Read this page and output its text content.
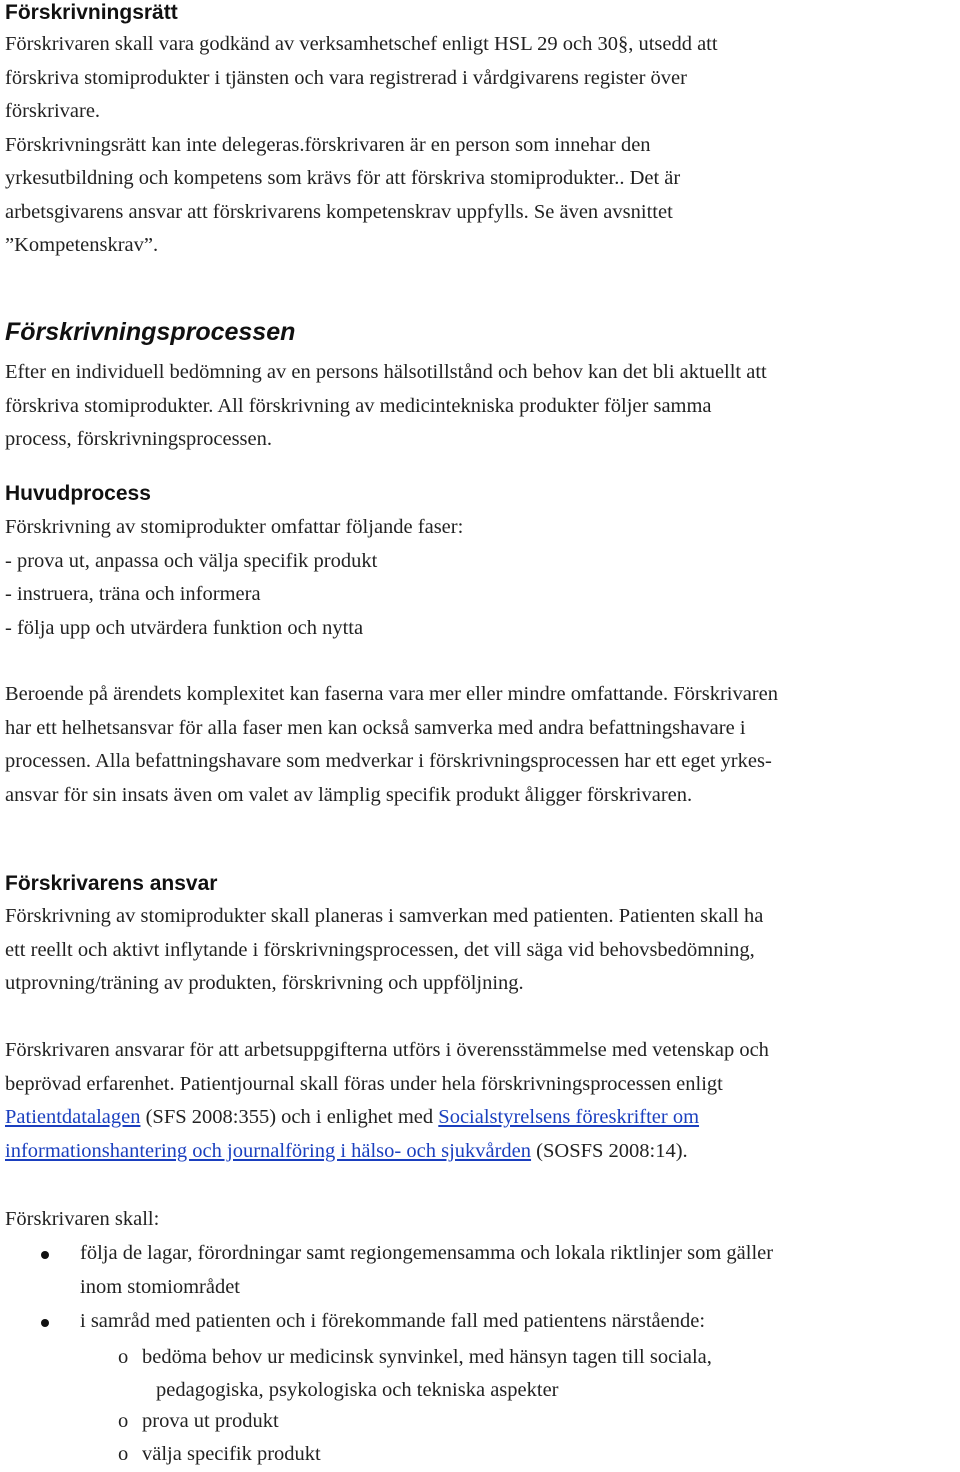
Förskrivningsrätt
Förskrivaren skall vara godkänd av verksamhetschef enligt HSL 29 och 30§, utsedd att
förskriva stomiprodukter i tjänsten och vara registrerad i vårdgivarens register över
förskrivare.
Förskrivningsrätt kan inte delegeras.förskrivaren är en person som innehar den
yrkesutbildning och kompetens som krävs för att förskriva stomiprodukter.. Det är
arbetsgivarens ansvar att förskrivarens kompetenskrav uppfylls. Se även avsnittet
”Kompetenskrav”.
Förskrivningsprocessen
Efter en individuell bedömning av en persons hälsotillstånd och behov kan det bli aktuellt att
förskriva stomiprodukter. All förskrivning av medicintekniska produkter följer samma
process, förskrivningsprocessen.
Huvudprocess
Förskrivning av stomiprodukter omfattar följande faser:
- prova ut, anpassa och välja specifik produkt
- instruera, träna och informera
- följa upp och utvärdera funktion och nytta
Beroende på ärendets komplexitet kan faserna vara mer eller mindre omfattande. Förskrivaren
har ett helhetsansvar för alla faser men kan också samverka med andra befattningshavare i
processen. Alla befattningshavare som medverkar i förskrivningsprocessen har ett eget yrkes-
ansvar för sin insats även om valet av lämplig specifik produkt åligger förskrivaren.
Förskrivarens ansvar
Förskrivning av stomiprodukter skall planeras i samverkan med patienten. Patienten skall ha
ett reellt och aktivt inflytande i förskrivningsprocessen, det vill säga vid behovsbedömning,
utprovning/träning av produkten, förskrivning och uppföljning.
Förskrivaren ansvarar för att arbetsuppgifterna utförs i överensstämmelse med vetenskap och
beprövad erfarenhet. Patientjournal skall föras under hela förskrivningsprocessen enligt
Patientdatalagen (SFS 2008:355) och i enlighet med Socialstyrelsens föreskrifter om
informationshantering och journalföring i hälso- och sjukvården (SOSFS 2008:14).
Förskrivaren skall:
följa de lagar, förordningar samt regiongemensamma och lokala riktlinjer som gäller
inom stomiområdet
i samråd med patienten och i förekommande fall med patientens närstående:
o bedöma behov ur medicinsk synvinkel, med hänsyn tagen till sociala,
pedagogiska, psykologiska och tekniska aspekter
o prova ut produkt
o välja specifik produkt
